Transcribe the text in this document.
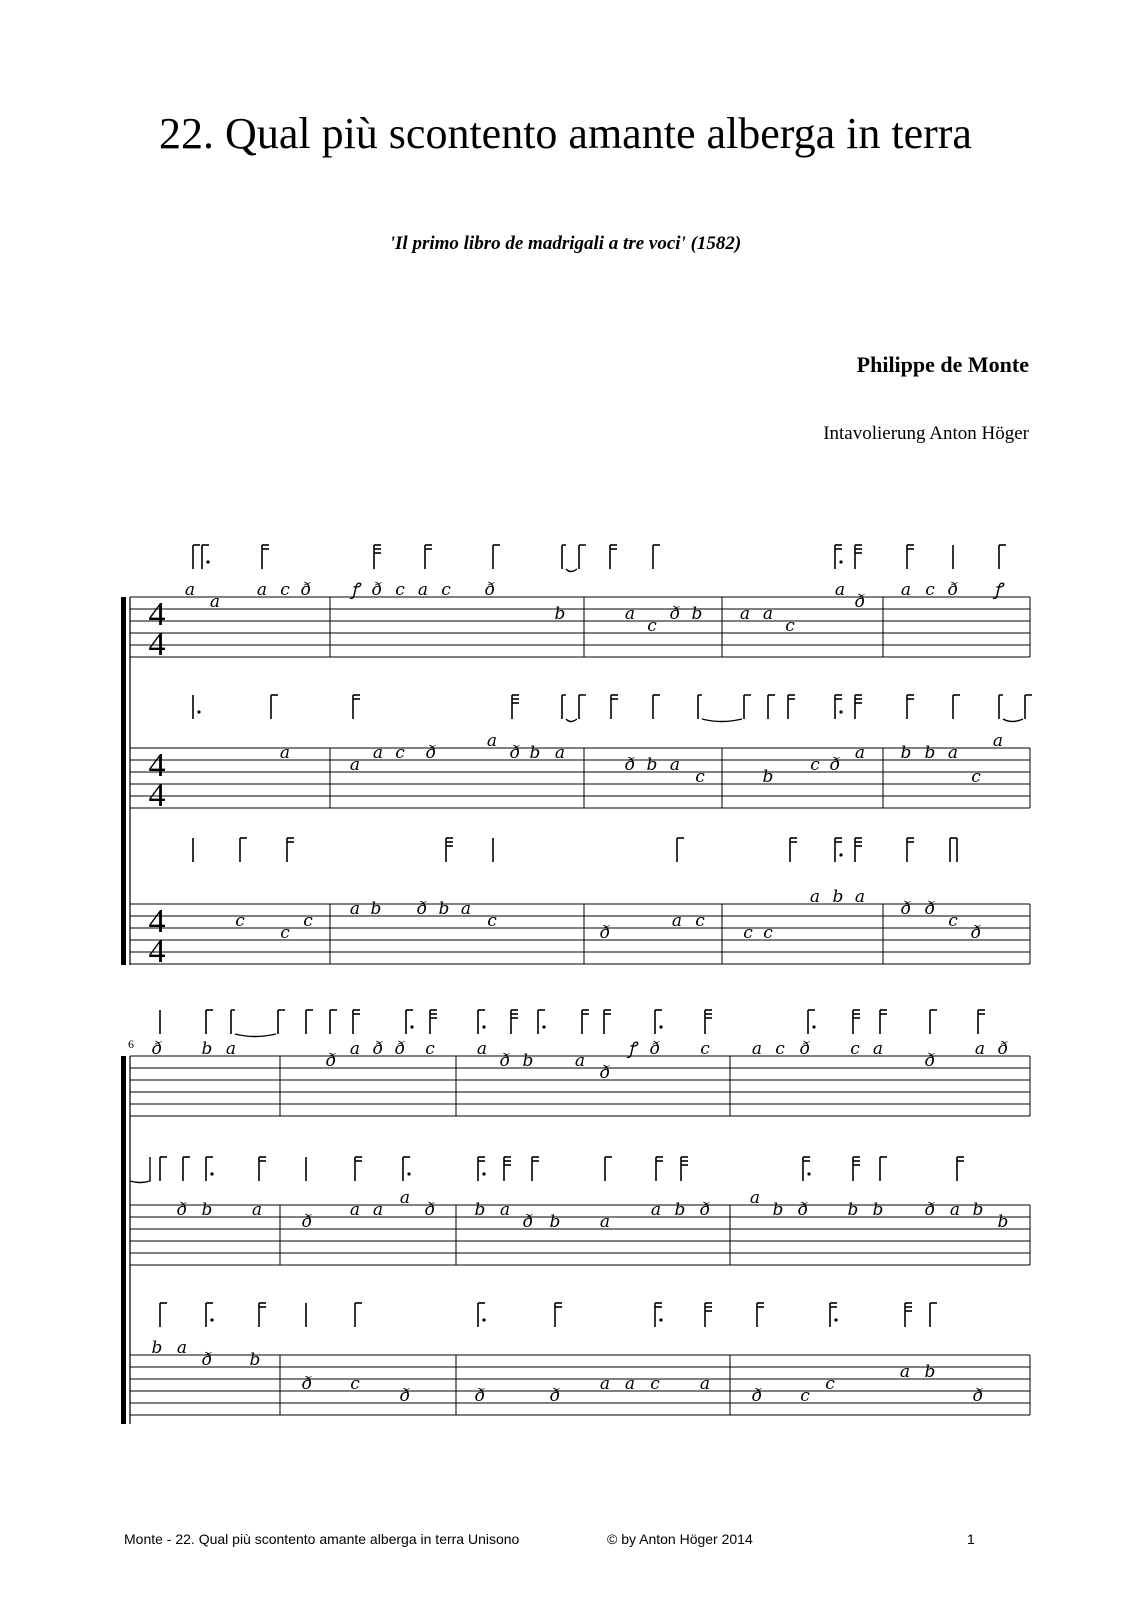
22. Qual più scontento amante alberga in terra
'Il primo libro de madrigali a tre voci' (1582)
Philippe de Monte
Intavolierung Anton Höger
4
4
4
4
4
4
6
a
a
a c ð ꝭ ð c a c ð
b	a
c
ð b a a
c
a
ð
a c ð ꝭ
a
a
a c ð
a
ð b a
ð b a
c	b
c ð
a b b a
c
a
c
c
c
a b ð b a
c
ð
a c
c c
a b a
ð ð
c
ð
ð b a
ð
a ð ð c a
ð b a
ð
ꝭ ð c a c ð c a
ð
a ð
ð b a
ð
a a
a
ð b a
ð b a
a b ð
a
b ð b b ð a b
b
b a
ð b
ð c
ð	ð	ð
a a c a
ð c
c
a b
ð
Monte - 22. Qual più scontento amante alberga in terra Unisono	© by Anton Höger 2014	1
